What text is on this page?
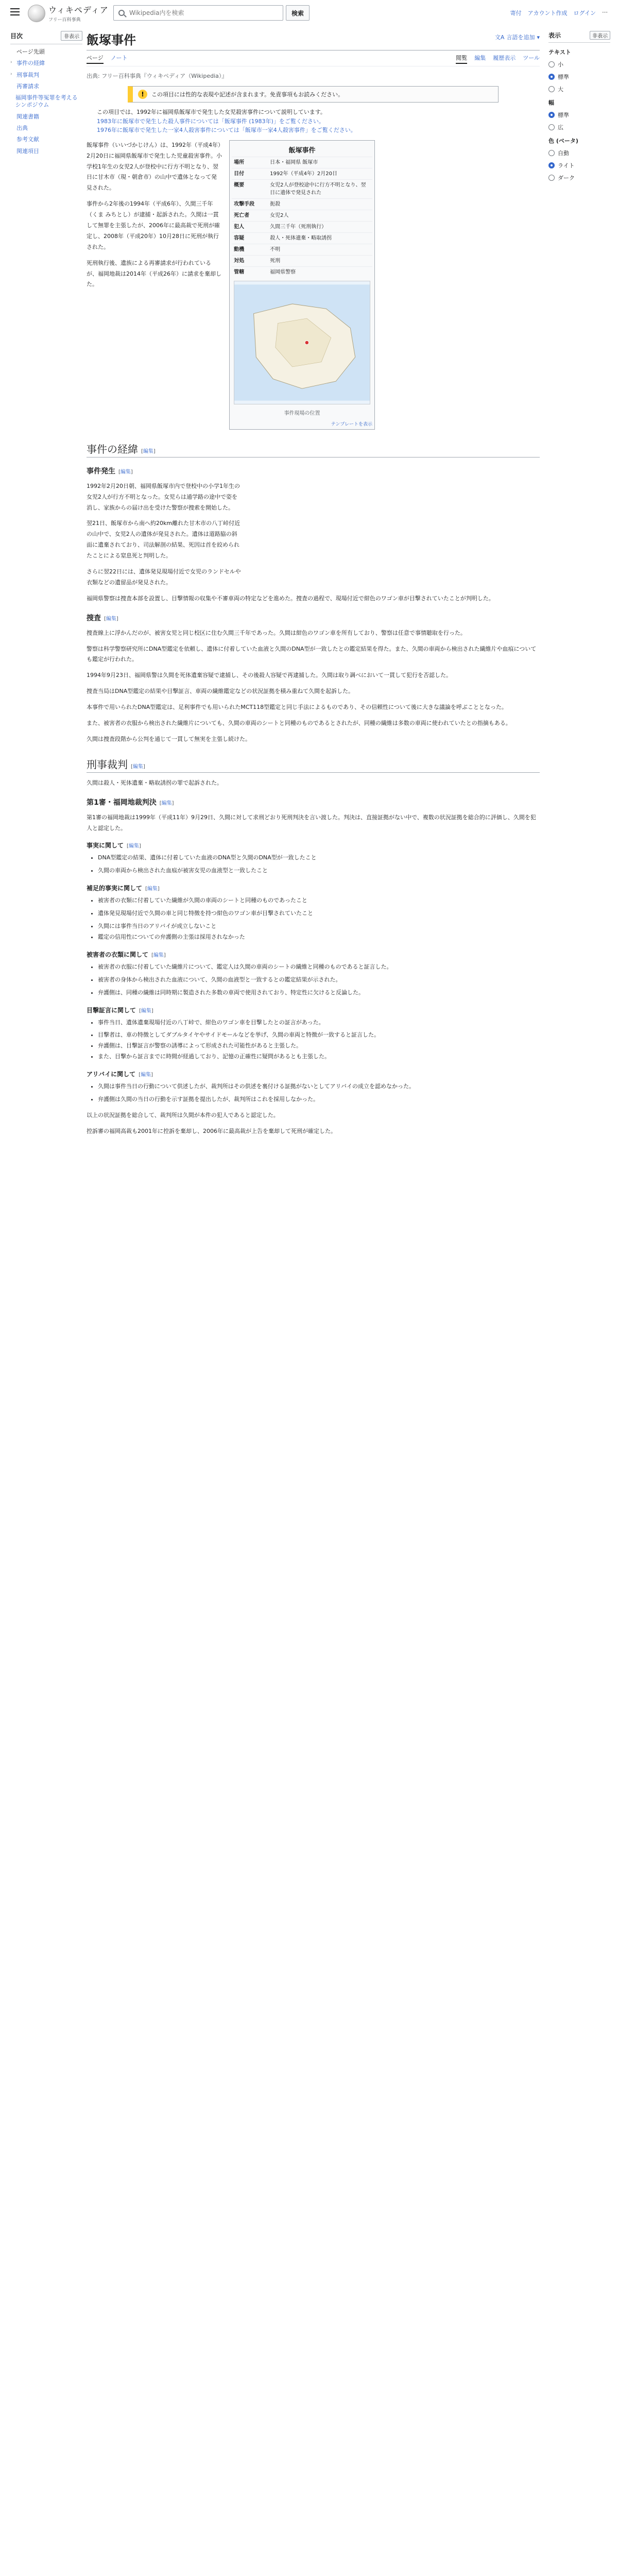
ウィキペディア
フリー百科事典
Wikipedia内を検索
検索	寄付 アカウント作成 ログイン ⋯
目次	非表示
ページ先頭
› 事件の経緯
› 刑事裁判
再審請求
福岡事件等冤罪を考えるシンポジウム
関連書籍
出典
参考文献
関連項目
表示	非表示
テキスト
小
標準
大
幅
標準
広
色 (ベータ)
自動
ライト
ダーク
飯塚事件	文A 言語を追加 ▾
ページ ノート	閲覧 編集 履歴表示 ツール
出典: フリー百科事典『ウィキペディア（Wikipedia）』
!	この項目には性的な表現や記述が含まれます。免責事項もお読みください。
この項目では、1992年に福岡県飯塚市で発生した女児殺害事件について説明しています。
1983年に飯塚市で発生した殺人事件については「飯塚事件 (1983年)」をご覧ください。
1976年に飯塚市で発生した一家4人殺害事件については「飯塚市一家4人殺害事件」をご覧ください。

飯塚事件（いいづかじけん）は、1992年（平成4年）2月20日に福岡県飯塚市で発生した児童殺害事件。小学校1年生の女児2人が登校中に行方不明となり、翌日に甘木市（現・朝倉市）の山中で遺体となって発見された。

事件から2年後の1994年（平成6年）、久間三千年（くま みちとし）が逮捕・起訴された。久間は一貫して無罪を主張したが、2006年に最高裁で死刑が確定し、2008年（平成20年）10月28日に死刑が執行された。

死刑執行後、遺族による再審請求が行われているが、福岡地裁は2014年（平成26年）に請求を棄却した。

飯塚事件
場所	日本・福岡県 飯塚市
日付	1992年（平成4年）2月20日
概要	女児2人が登校途中に行方不明となり、翌日に遺体で発見された
攻撃手段	扼殺
死亡者	女児2人
犯人	久間三千年（死刑執行）
容疑	殺人・死体遺棄・略取誘拐
動機	不明
対処	死刑
管轄	福岡県警察
事件現場の位置
テンプレートを表示
事件の経緯 [ 編集 ]
事件発生 [ 編集 ]

1992年2月20日朝、福岡県飯塚市内で登校中の小学1年生の女児2人が行方不明となった。女児らは通学路の途中で姿を消し、家族からの届け出を受けた警察が捜索を開始した。

翌21日、飯塚市から南へ約20km離れた甘木市の八丁峠付近の山中で、女児2人の遺体が発見された。遺体は道路脇の斜面に遺棄されており、司法解剖の結果、死因は首を絞められたことによる窒息死と判明した。

さらに翌22日には、遺体発見現場付近で女児のランドセルや衣類などの遺留品が発見された。

福岡県警察は捜査本部を設置し、目撃情報の収集や不審車両の特定などを進めた。捜査の過程で、現場付近で紺色のワゴン車が目撃されていたことが判明した。

捜査 [ 編集 ]

捜査線上に浮かんだのが、被害女児と同じ校区に住む久間三千年であった。久間は紺色のワゴン車を所有しており、警察は任意で事情聴取を行った。

警察は科学警察研究所にDNA型鑑定を依頼し、遺体に付着していた血液と久間のDNA型が一致したとの鑑定結果を得た。また、久間の車両から検出された繊維片や血痕についても鑑定が行われた。

1994年9月23日、福岡県警は久間を死体遺棄容疑で逮捕し、その後殺人容疑で再逮捕した。久間は取り調べにおいて一貫して犯行を否認した。

捜査当局はDNA型鑑定の結果や目撃証言、車両の繊維鑑定などの状況証拠を積み重ねて久間を起訴した。

本事件で用いられたDNA型鑑定は、足利事件でも用いられたMCT118型鑑定と同じ手法によるものであり、その信頼性について後に大きな議論を呼ぶこととなった。

また、被害者の衣服から検出された繊維片についても、久間の車両のシートと同種のものであるとされたが、同種の繊維は多数の車両に使われていたとの指摘もある。

久間は捜査段階から公判を通じて一貫して無実を主張し続けた。

刑事裁判 [ 編集 ]

久間は殺人・死体遺棄・略取誘拐の罪で起訴された。

第1審・福岡地裁判決 [ 編集 ]

第1審の福岡地裁は1999年（平成11年）9月29日、久間に対して求刑どおり死刑判決を言い渡した。判決は、直接証拠がない中で、複数の状況証拠を総合的に評価し、久間を犯人と認定した。

事実に関して [ 編集 ]
• DNA型鑑定の結果、遺体に付着していた血液のDNA型と久間のDNA型が一致したこと
• 久間の車両から検出された血痕が被害女児の血液型と一致したこと
補足的事実に関して [ 編集 ]
• 被害者の衣類に付着していた繊維が久間の車両のシートと同種のものであったこと
• 遺体発見現場付近で久間の車と同じ特徴を持つ紺色のワゴン車が目撃されていたこと
• 久間には事件当日のアリバイが成立しないこと
• 鑑定の信用性についての弁護側の主張は採用されなかった
被害者の衣類に関して [ 編集 ]
• 被害者の衣服に付着していた繊維片について、鑑定人は久間の車両のシートの繊維と同種のものであると証言した。
• 被害者の身体から検出された血液について、久間の血液型と一致するとの鑑定結果が示された。
• 弁護側は、同種の繊維は同時期に製造された多数の車両で使用されており、特定性に欠けると反論した。
目撃証言に関して [ 編集 ]
• 事件当日、遺体遺棄現場付近の八丁峠で、紺色のワゴン車を目撃したとの証言があった。
• 目撃者は、車の特徴としてダブルタイヤやサイドモールなどを挙げ、久間の車両と特徴が一致すると証言した。
• 弁護側は、目撃証言が警察の誘導によって形成された可能性があると主張した。
• また、目撃から証言までに時間が経過しており、記憶の正確性に疑問があるとも主張した。
アリバイに関して [ 編集 ]
• 久間は事件当日の行動について供述したが、裁判所はその供述を裏付ける証拠がないとしてアリバイの成立を認めなかった。
• 弁護側は久間の当日の行動を示す証拠を提出したが、裁判所はこれを採用しなかった。

以上の状況証拠を総合して、裁判所は久間が本件の犯人であると認定した。

控訴審の福岡高裁も2001年に控訴を棄却し、2006年に最高裁が上告を棄却して死刑が確定した。
